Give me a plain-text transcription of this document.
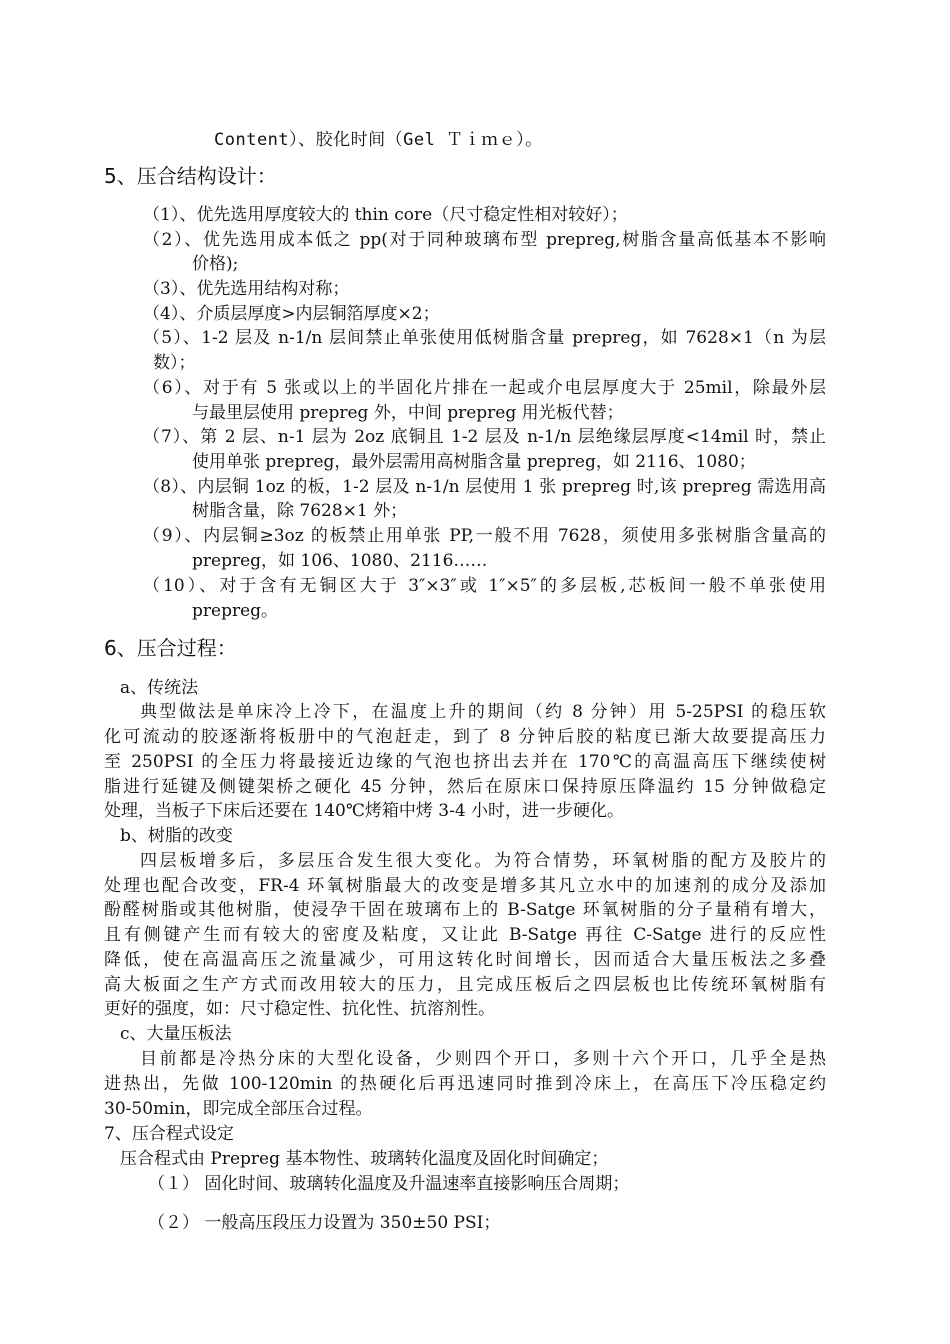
Content）、胶化时间（Gel Ｔｉｍｅ）。
5、压合结构设计：
（1）、优先选用厚度较大的 thin core（尺寸稳定性相对较好）；
（2）、优先选用成本低之 pp(对于同种玻璃布型 prepreg,树脂含量高低基本不影响
价格);
（3）、优先选用结构对称；
（4）、介质层厚度>内层铜箔厚度×2；
（5）、1-2 层及 n-1/n 层间禁止单张使用低树脂含量 prepreg，如 7628×1（n 为层
数）；
（6）、对于有 5 张或以上的半固化片排在一起或介电层厚度大于 25mil，除最外层
与最里层使用 prepreg 外，中间 prepreg 用光板代替；
（7）、第 2 层、n-1 层为 2oz 底铜且 1-2 层及 n-1/n 层绝缘层厚度<14mil 时，禁止
使用单张 prepreg，最外层需用高树脂含量 prepreg，如 2116、1080；
（8）、内层铜 1oz 的板，1-2 层及 n-1/n 层使用 1 张 prepreg 时,该 prepreg 需选用高
树脂含量，除 7628×1 外；
（9）、内层铜≥3oz 的板禁止用单张 PP,一般不用 7628，须使用多张树脂含量高的
prepreg，如 106、1080、2116……
（10）、对于含有无铜区大于 3″×3″或 1″×5″的多层板,芯板间一般不单张使用
prepreg。
6、压合过程：
a、传统法
典型做法是单床冷上冷下，在温度上升的期间（约 8 分钟）用 5-25PSI 的稳压软
化可流动的胶逐渐将板册中的气泡赶走，到了 8 分钟后胶的粘度已渐大故要提高压力
至 250PSI 的全压力将最接近边缘的气泡也挤出去并在 170℃的高温高压下继续使树
脂进行延键及侧键架桥之硬化 45 分钟，然后在原床口保持原压降温约 15 分钟做稳定
处理，当板子下床后还要在 140℃烤箱中烤 3-4 小时，进一步硬化。
b、树脂的改变
四层板增多后，多层压合发生很大变化。为符合情势，环氧树脂的配方及胶片的
处理也配合改变，FR-4 环氧树脂最大的改变是增多其凡立水中的加速剂的成分及添加
酚醛树脂或其他树脂，使浸孕干固在玻璃布上的 B-Satge 环氧树脂的分子量稍有增大，
且有侧键产生而有较大的密度及粘度，又让此 B-Satge 再往 C-Satge 进行的反应性
降低，使在高温高压之流量减少，可用这转化时间增长，因而适合大量压板法之多叠
高大板面之生产方式而改用较大的压力，且完成压板后之四层板也比传统环氧树脂有
更好的强度，如：尺寸稳定性、抗化性、抗溶剂性。
c、大量压板法
目前都是冷热分床的大型化设备，少则四个开口，多则十六个开口，几乎全是热
进热出，先做 100-120min 的热硬化后再迅速同时推到冷床上，在高压下冷压稳定约
30-50min，即完成全部压合过程。
7、压合程式设定
压合程式由 Prepreg 基本物性、玻璃转化温度及固化时间确定；
（１） 固化时间、玻璃转化温度及升温速率直接影响压合周期；
（２） 一般高压段压力设置为 350±50 PSI；
